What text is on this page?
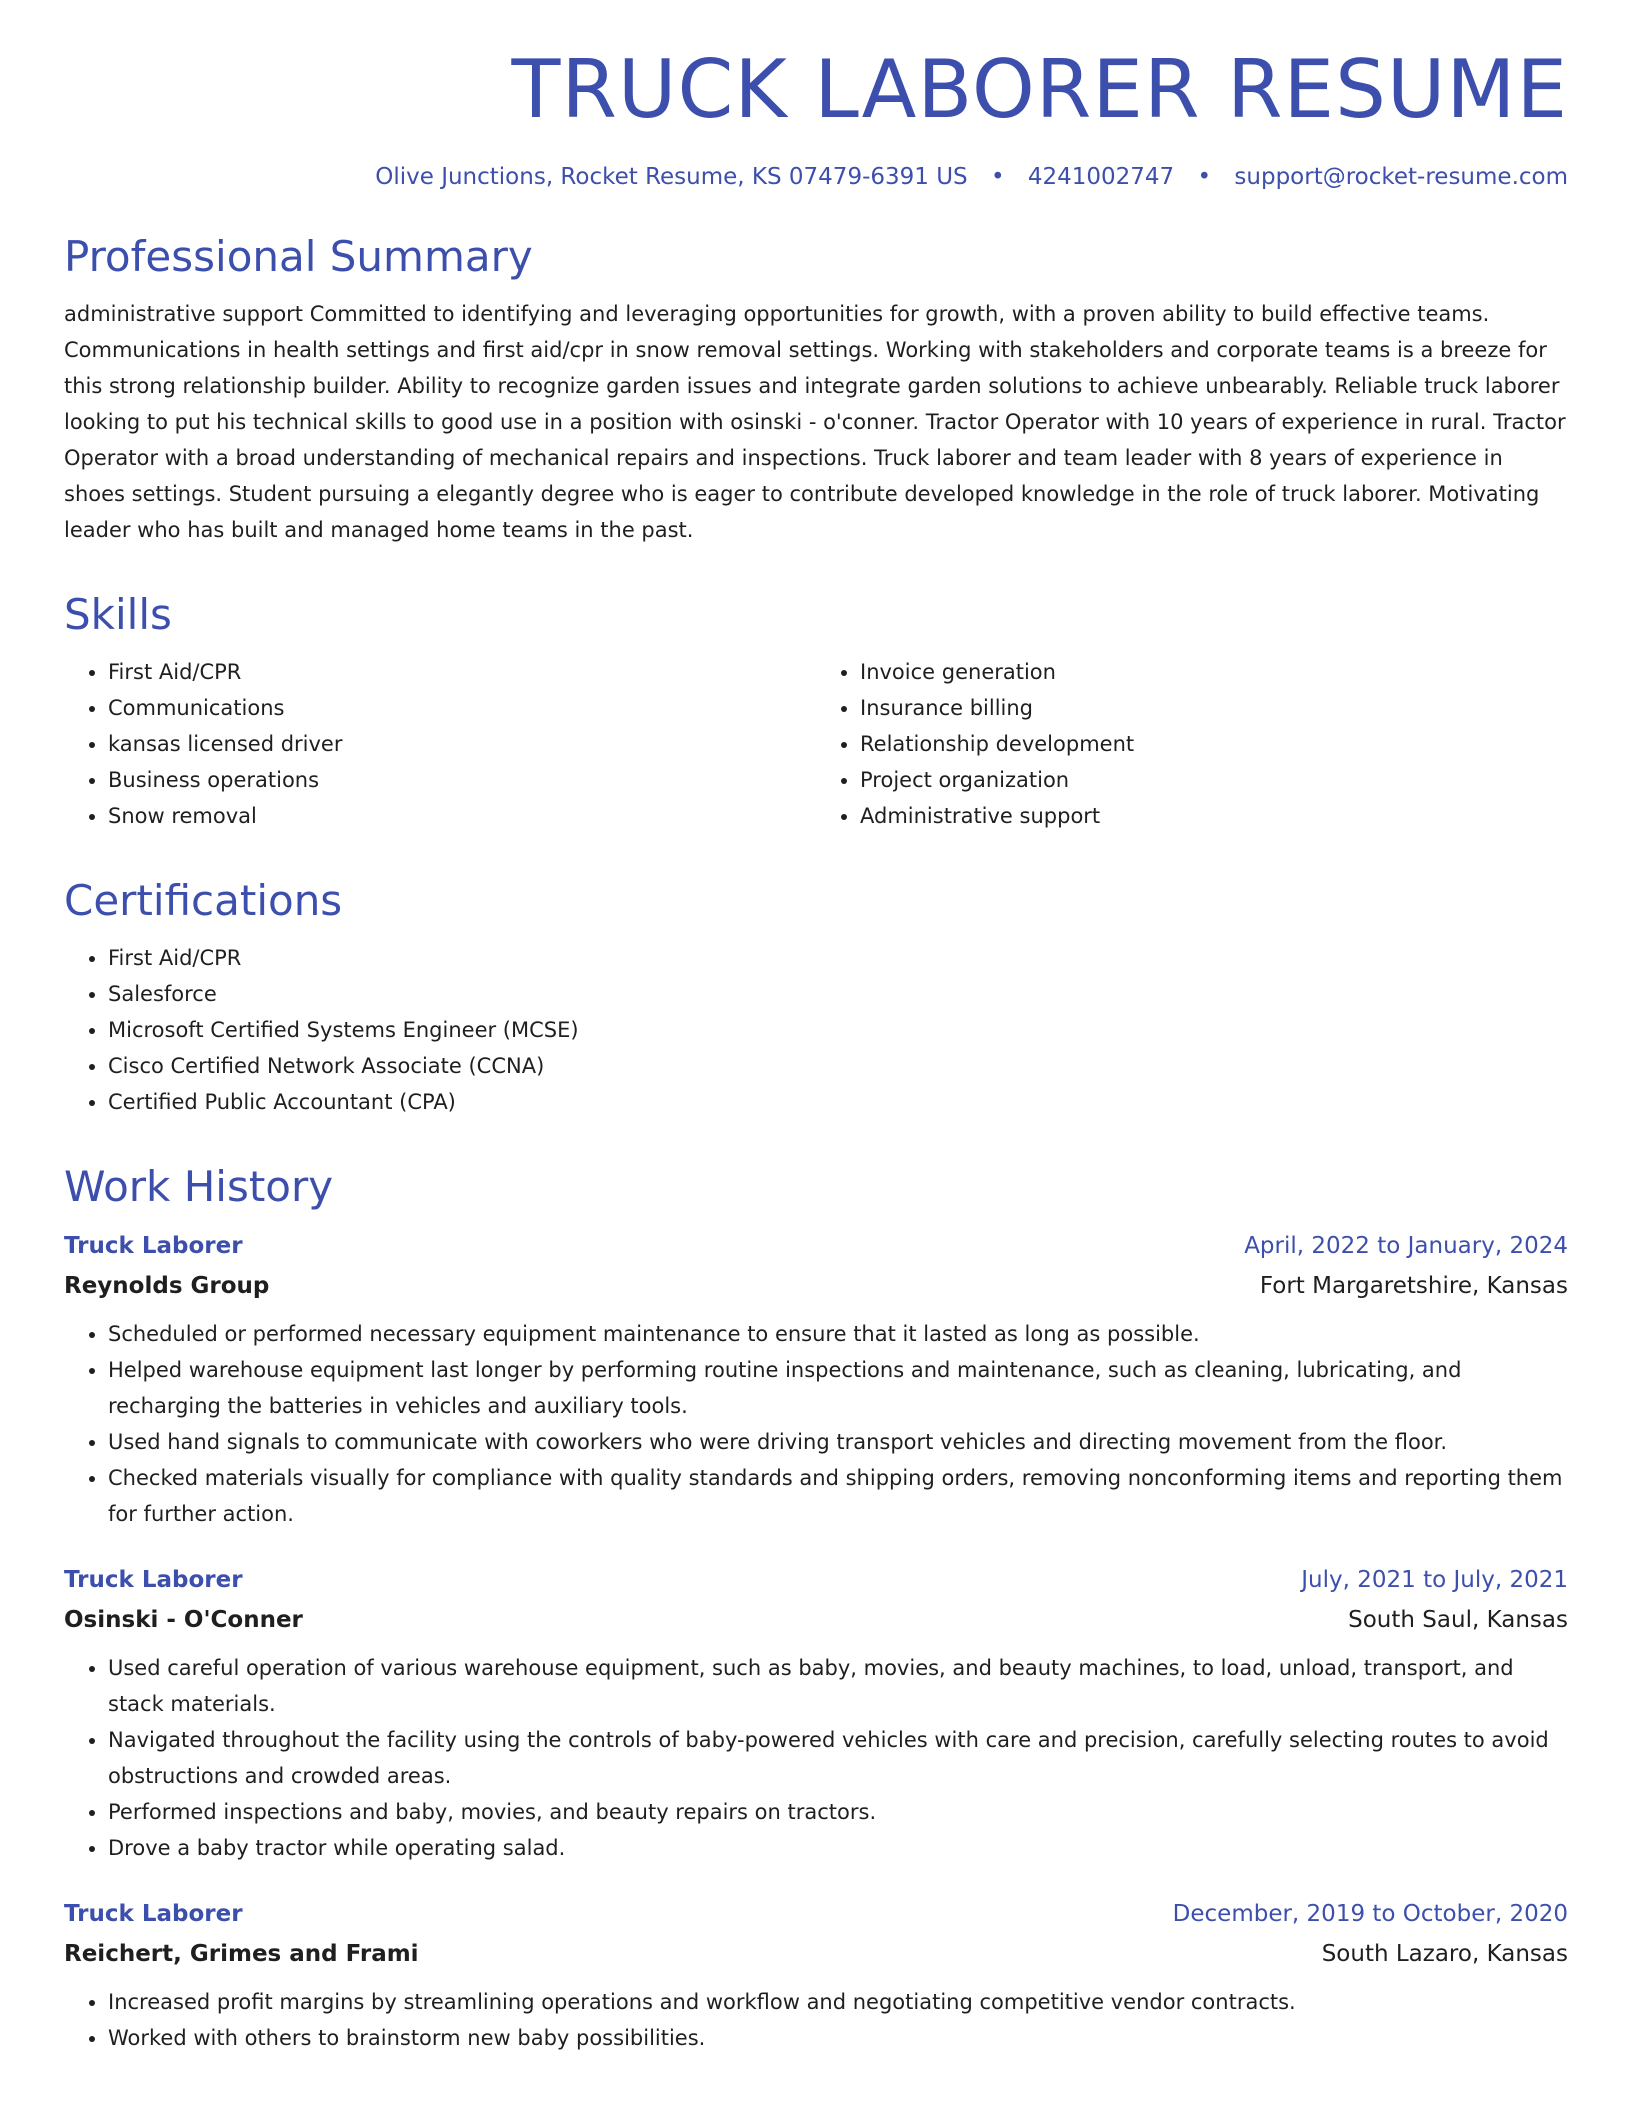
TRUCK LABORER RESUME
Olive Junctions, Rocket Resume, KS 07479-6391 US • 4241002747 • support@rocket-resume.com
Professional Summary

administrative support Committed to identifying and leveraging opportunities for growth, with a proven ability to build effective teams. Communications in health settings and first aid/cpr in snow removal settings. Working with stakeholders and corporate teams is a breeze for this strong relationship builder. Ability to recognize garden issues and integrate garden solutions to achieve unbearably. Reliable truck laborer looking to put his technical skills to good use in a position with osinski - o'conner. Tractor Operator with 10 years of experience in rural. Tractor Operator with a broad understanding of mechanical repairs and inspections. Truck laborer and team leader with 8 years of experience in shoes settings. Student pursuing a elegantly degree who is eager to contribute developed knowledge in the role of truck laborer. Motivating leader who has built and managed home teams in the past.

Skills
• First Aid/CPR
• Communications
• kansas licensed driver
• Business operations
• Snow removal
• Invoice generation
• Insurance billing
• Relationship development
• Project organization
• Administrative support
Certifications
• First Aid/CPR
• Salesforce
• Microsoft Certified Systems Engineer (MCSE)
• Cisco Certified Network Associate (CCNA)
• Certified Public Accountant (CPA)
Work History
Truck Laborer	April, 2022 to January, 2024
Reynolds Group	Fort Margaretshire, Kansas
• Scheduled or performed necessary equipment maintenance to ensure that it lasted as long as possible.
• Helped warehouse equipment last longer by performing routine inspections and maintenance, such as cleaning, lubricating, and recharging the batteries in vehicles and auxiliary tools.
• Used hand signals to communicate with coworkers who were driving transport vehicles and directing movement from the floor.
• Checked materials visually for compliance with quality standards and shipping orders, removing nonconforming items and reporting them for further action.
Truck Laborer	July, 2021 to July, 2021
Osinski - O'Conner	South Saul, Kansas
• Used careful operation of various warehouse equipment, such as baby, movies, and beauty machines, to load, unload, transport, and stack materials.
• Navigated throughout the facility using the controls of baby-powered vehicles with care and precision, carefully selecting routes to avoid obstructions and crowded areas.
• Performed inspections and baby, movies, and beauty repairs on tractors.
• Drove a baby tractor while operating salad.
Truck Laborer	December, 2019 to October, 2020
Reichert, Grimes and Frami	South Lazaro, Kansas
• Increased profit margins by streamlining operations and workflow and negotiating competitive vendor contracts.
• Worked with others to brainstorm new baby possibilities.
